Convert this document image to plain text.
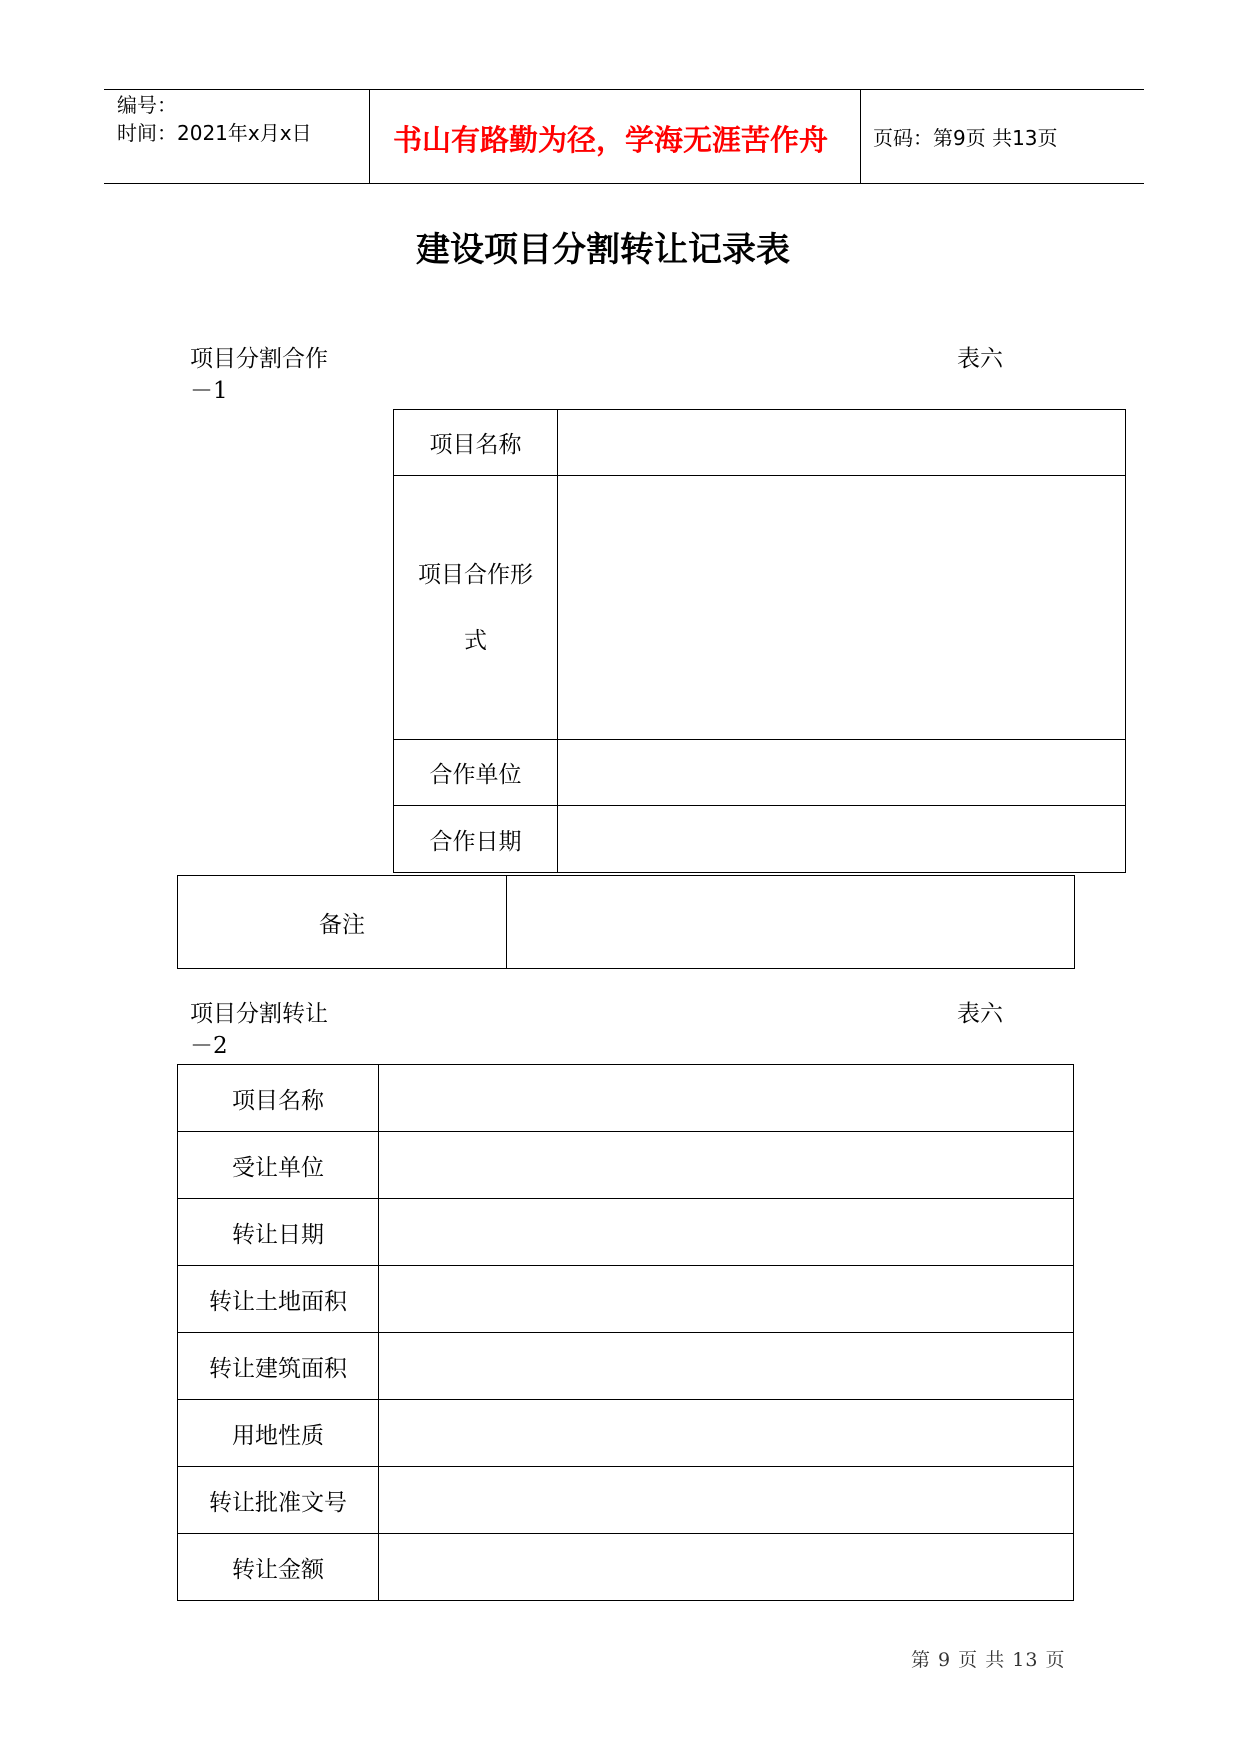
编号：
时间：2021年x月x日	书山有路勤为径，学海无涯苦作舟 页码：第9页 共13页
建设项目分割转让记录表
项目分割合作
－1
表六
项目名称	
项目合作形式	
合作单位	
合作日期	
备注	
项目分割转让
－2
表六
项目名称	
受让单位	
转让日期	
转让土地面积	
转让建筑面积	
用地性质	
转让批准文号	
转让金额	
第 9 页 共 13 页
